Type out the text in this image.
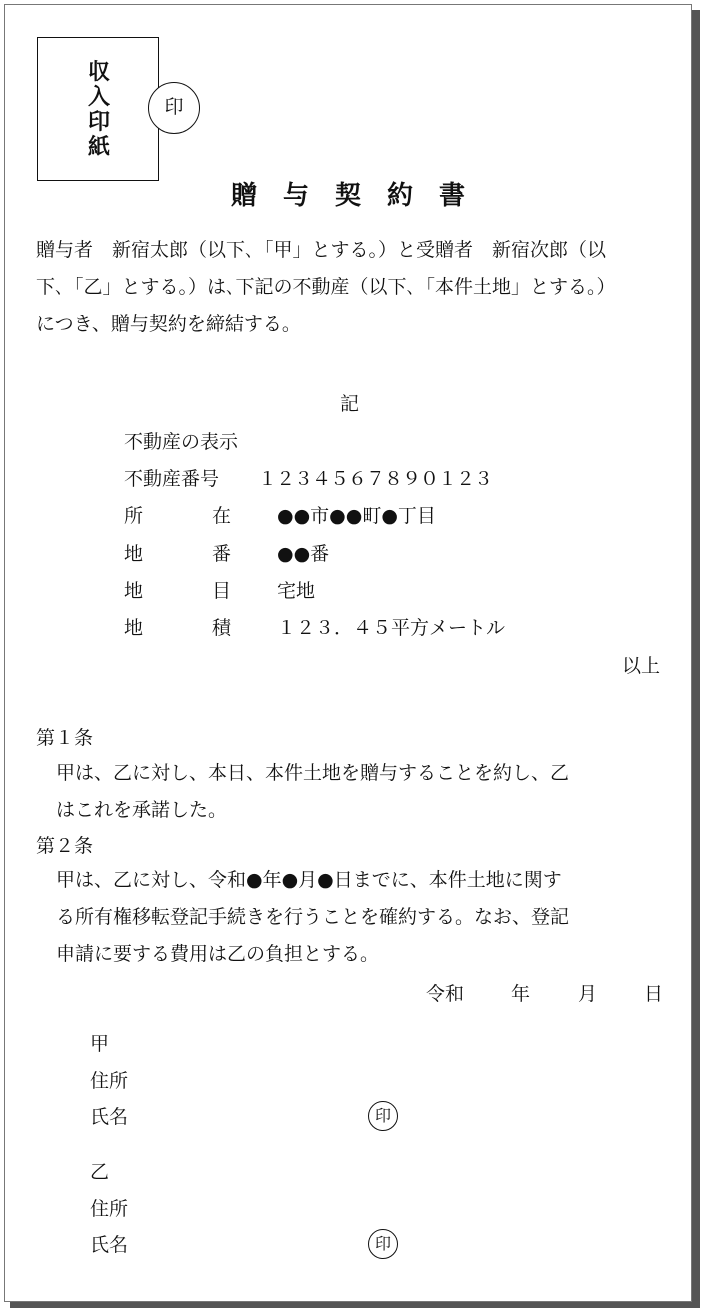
収入印紙
印
贈与契約書
贈与者　新宿太郎（以下､「甲」とする｡）と受贈者　新宿次郎（以
下､「乙」とする｡）は､下記の不動産（以下､「本件土地」とする｡）
につき、贈与契約を締結する。
記
不動産の表示
不動産番号 １２３４５６７８９０１２３
所	在 ●●市●●町●丁目
地	番 ●●番
地	目 宅地
地	積 １２３．４５平方メートル
以上
第１条
甲は、乙に対し、本日、本件土地を贈与することを約し、乙
はこれを承諾した。
第２条
甲は、乙に対し、令和●年●月●日までに、本件土地に関す
る所有権移転登記手続きを行うことを確約する。なお、登記
申請に要する費用は乙の負担とする。
令和 年	月 日
甲
住所
氏名	印
乙
住所
氏名	印
